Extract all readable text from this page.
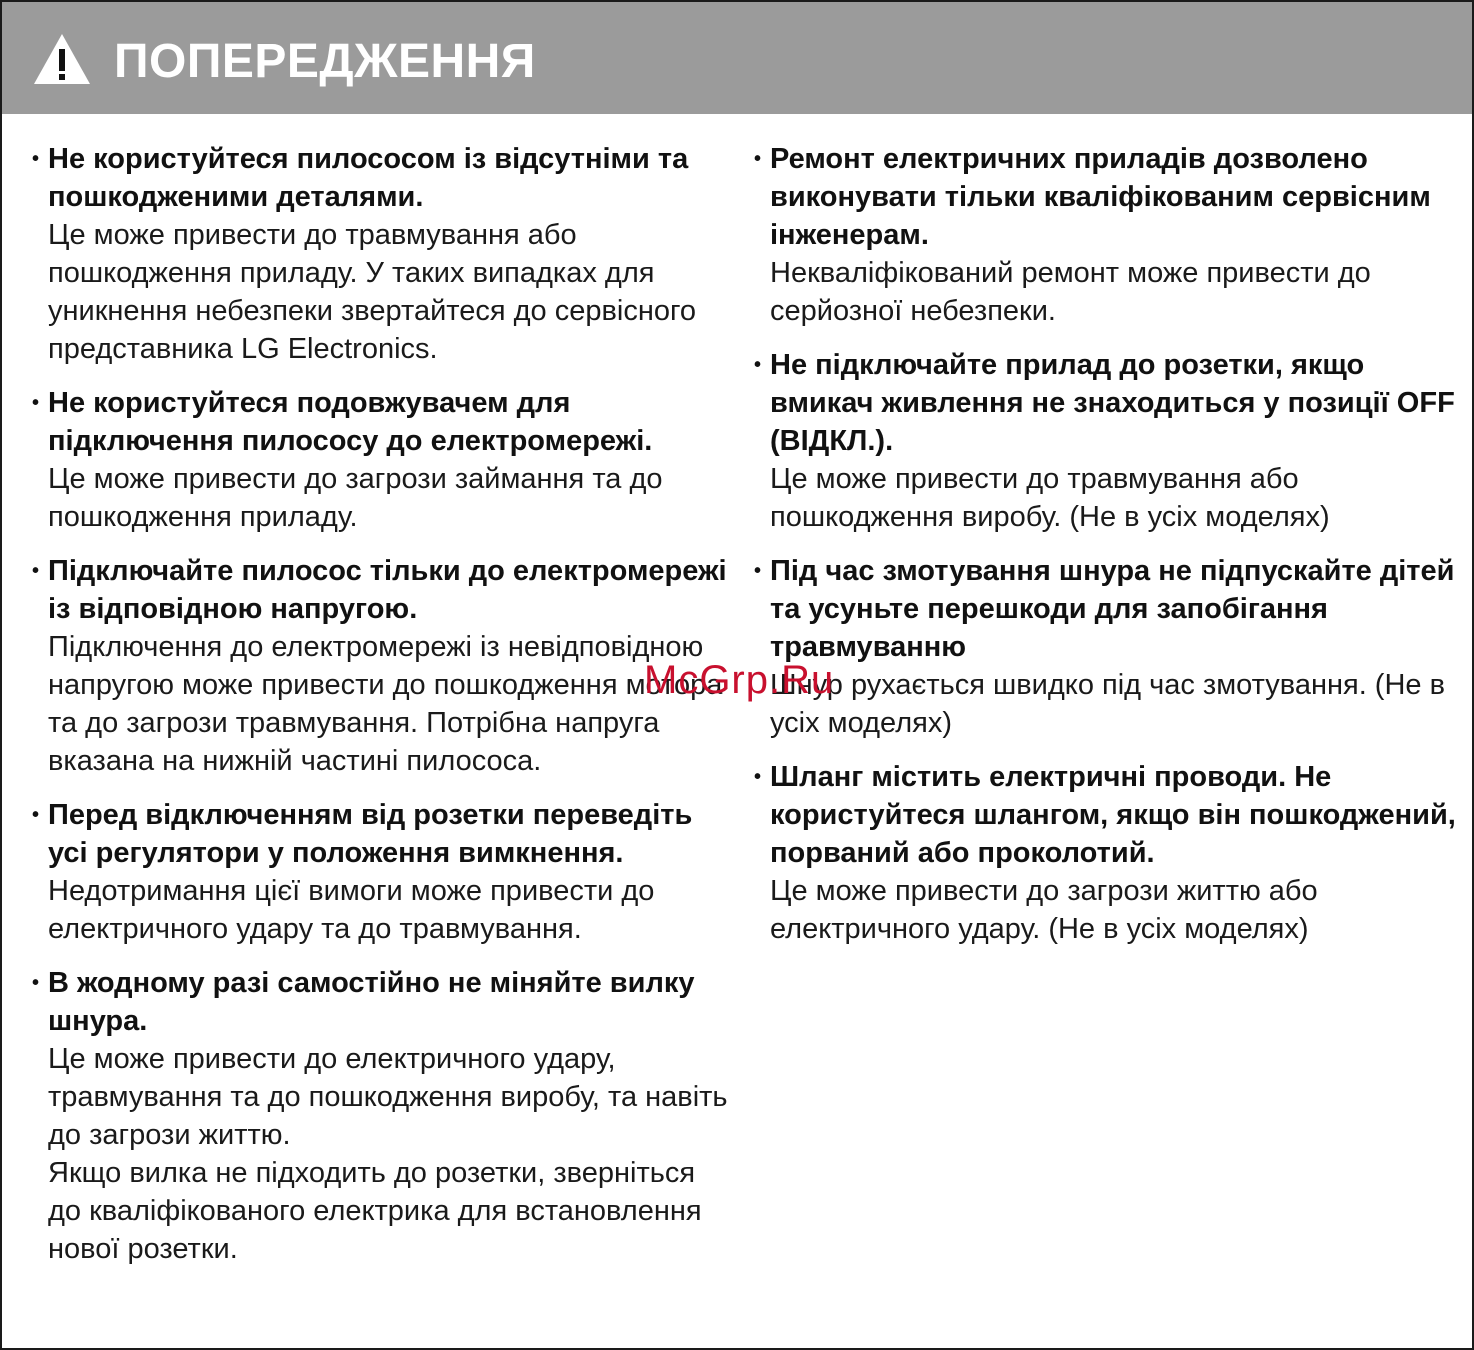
ПОПЕРЕДЖЕННЯ
• Не користуйтеся пилососом із відсутніми та пошкодженими деталями.
Це може привести до травмування або пошкодження приладу. У таких випадках для уникнення небезпеки звертайтеся до сервісного представника LG Electronics.
• Не користуйтеся подовжувачем для підключення пилососу до електромережі.
Це може привести до загрози займання та до пошкодження приладу.
• Підключайте пилосос тільки до електромережі із відповідною напругою.
Підключення до електромережі із невідповідною напругою може привести до пошкодження мотора та до загрози травмування. Потрібна напруга вказана на нижній частині пилососа.
• Перед відключенням від розетки переведіть усі регулятори у положення вимкнення.
Недотримання цієї вимоги може привести до електричного удару та до травмування.
• В жодному разі самостійно не міняйте вилку шнура.
Це може привести до електричного удару, травмування та до пошкодження виробу, та навіть до загрози життю.
Якщо вилка не підходить до розетки, зверніться до кваліфікованого електрика для встановлення нової розетки.
• Ремонт електричних приладів дозволено виконувати тільки кваліфікованим сервісним інженерам.
Некваліфікований ремонт може привести до серйозної небезпеки.
• Не підключайте прилад до розетки, якщо вмикач живлення не знаходиться у позиції OFF (ВІДКЛ.).
Це може привести до травмування або пошкодження виробу. (Не в усіх моделях)
• Під час змотування шнура не підпускайте дітей та усуньте перешкоди для запобігання травмуванню
Шнур рухається швидко під час змотування. (Не в усіх моделях)
• Шланг містить електричні проводи. Не користуйтеся шлангом, якщо він пошкоджений, порваний або проколотий.
Це може привести до загрози життю або електричного удару. (Не в усіх моделях)
McGrp.Ru
